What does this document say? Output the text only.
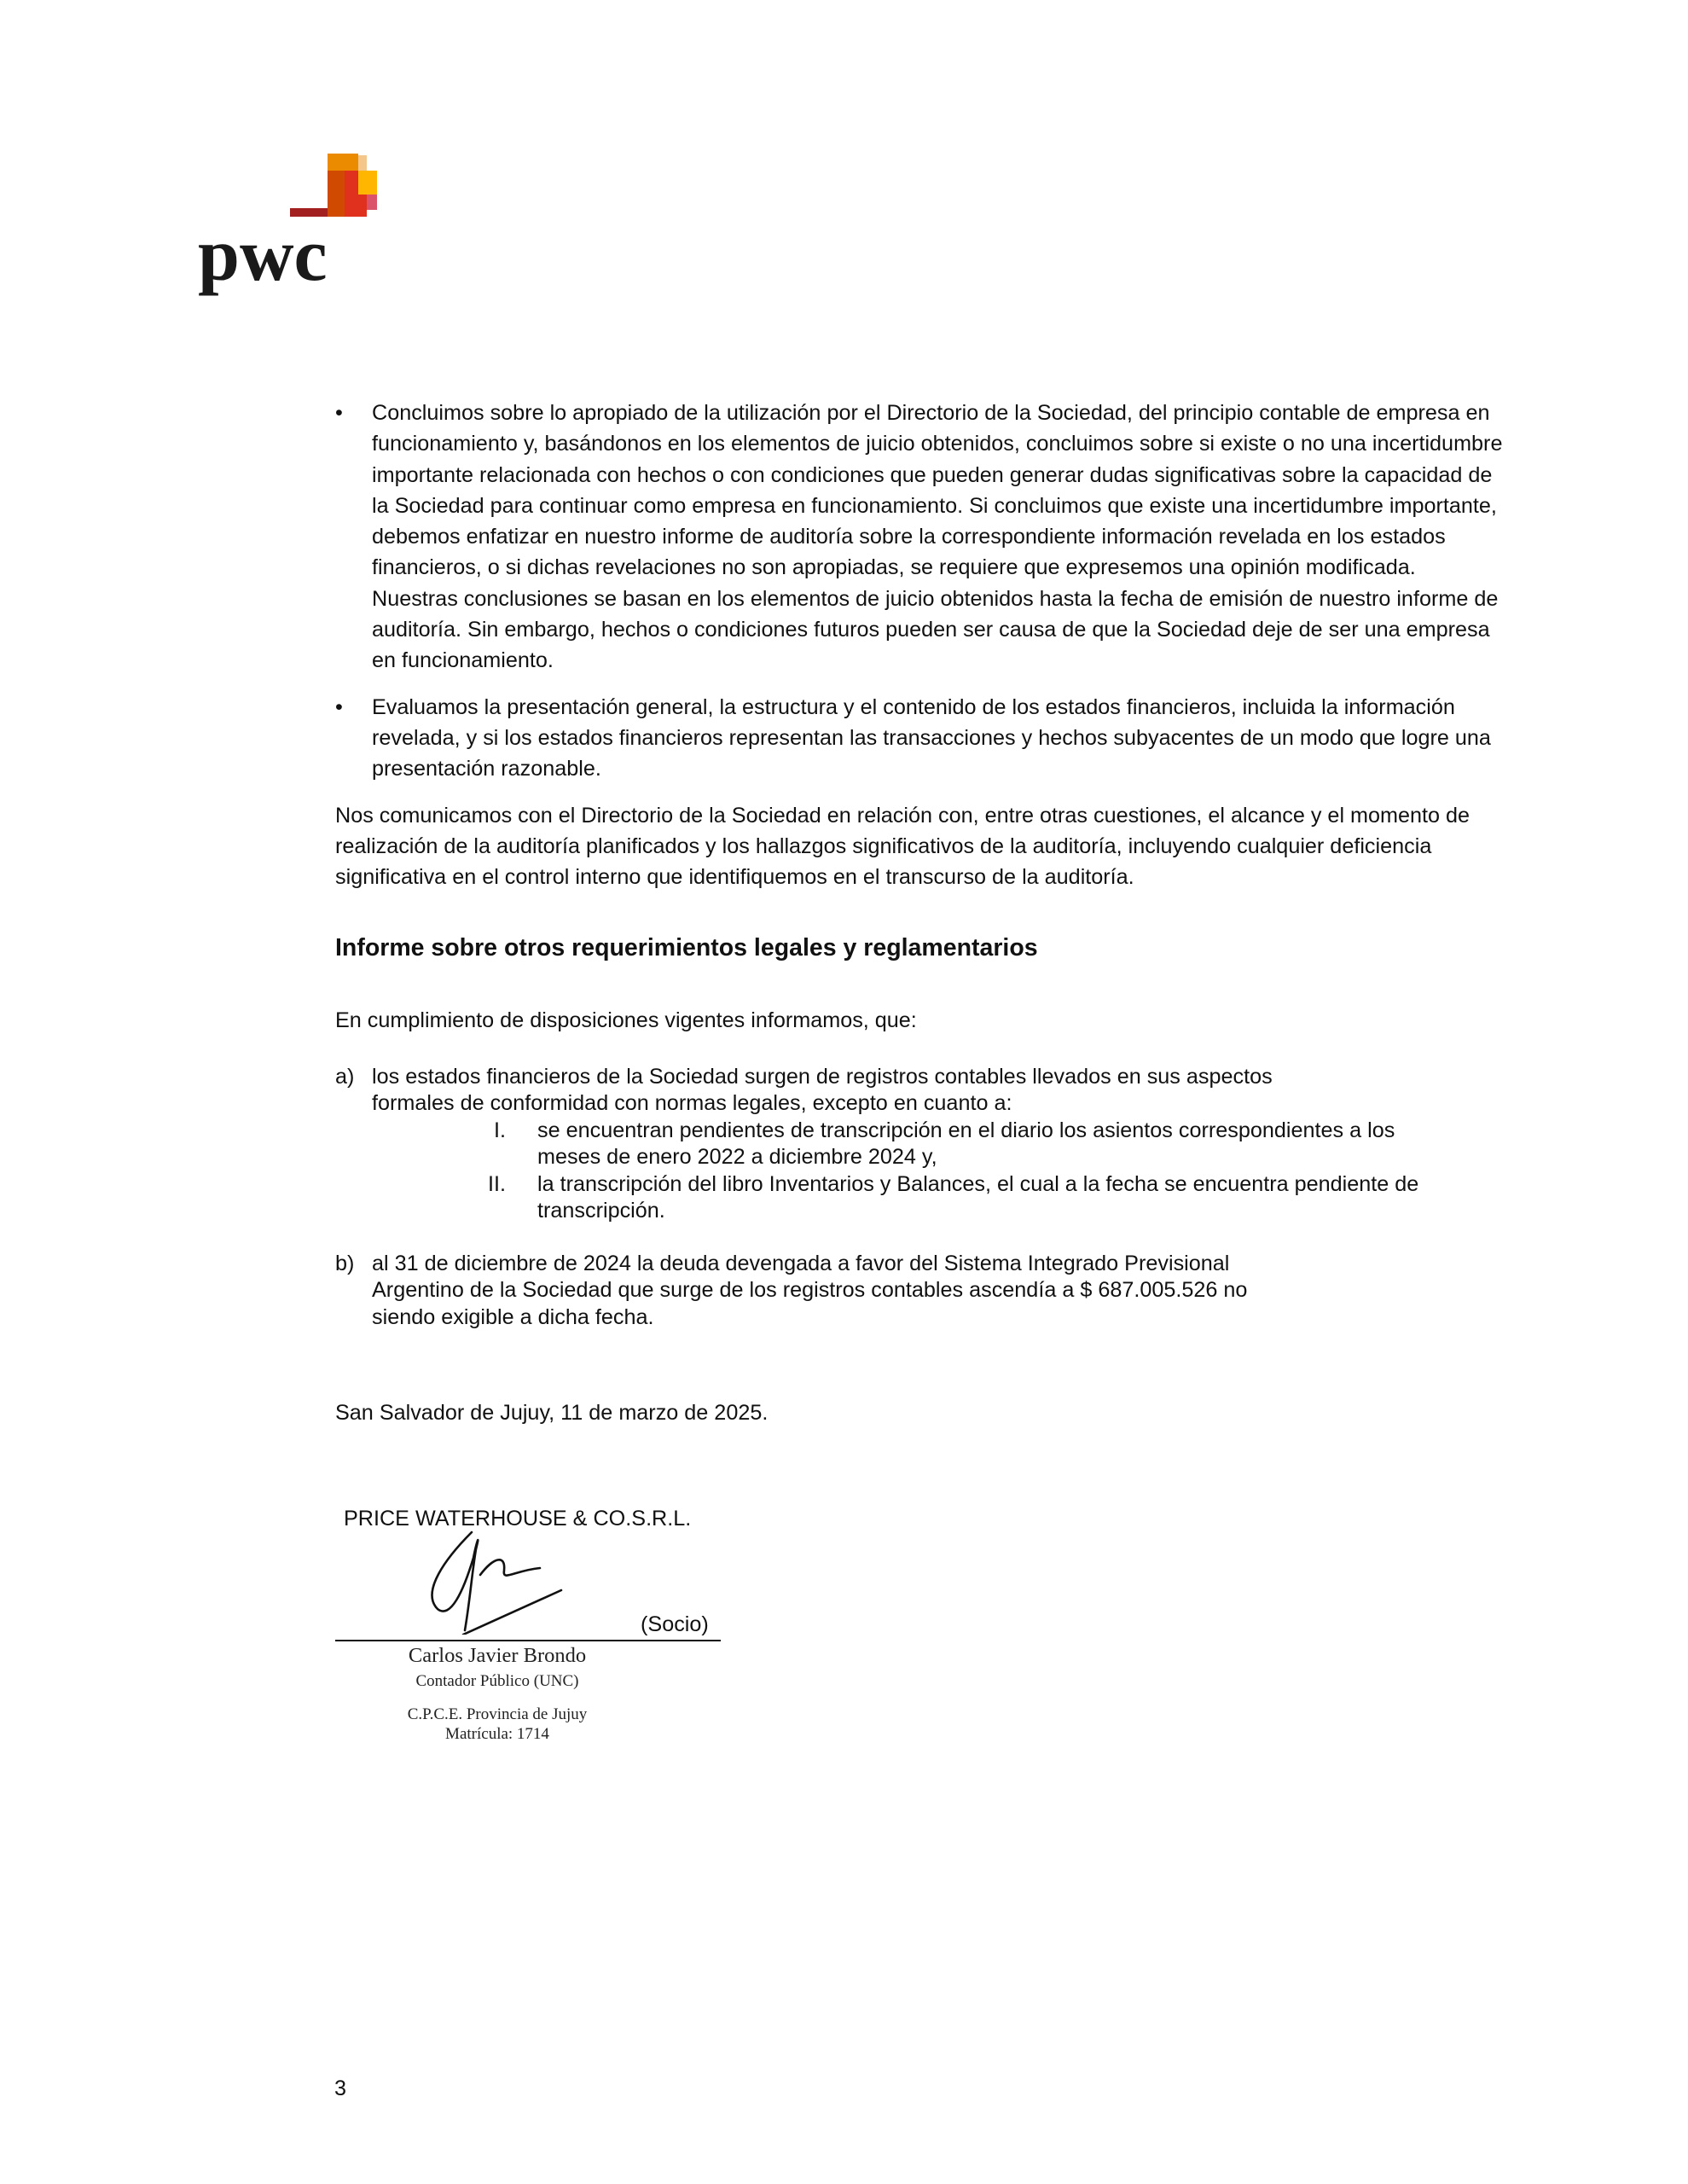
pwc
• Concluimos sobre lo apropiado de la utilización por el Directorio de la Sociedad, del principio contable de empresa en funcionamiento y, basándonos en los elementos de juicio obtenidos, concluimos sobre si existe o no una incertidumbre importante relacionada con hechos o con condiciones que pueden generar dudas significativas sobre la capacidad de la Sociedad para continuar como empresa en funcionamiento. Si concluimos que existe una incertidumbre importante, debemos enfatizar en nuestro informe de auditoría sobre la correspondiente información revelada en los estados financieros, o si dichas revelaciones no son apropiadas, se requiere que expresemos una opinión modificada. Nuestras conclusiones se basan en los elementos de juicio obtenidos hasta la fecha de emisión de nuestro informe de auditoría. Sin embargo, hechos o condiciones futuros pueden ser causa de que la Sociedad deje de ser una empresa en funcionamiento.
• Evaluamos la presentación general, la estructura y el contenido de los estados financieros, incluida la información revelada, y si los estados financieros representan las transacciones y hechos subyacentes de un modo que logre una presentación razonable.

Nos comunicamos con el Directorio de la Sociedad en relación con, entre otras cuestiones, el alcance y el momento de realización de la auditoría planificados y los hallazgos significativos de la auditoría, incluyendo cualquier deficiencia significativa en el control interno que identifiquemos en el transcurso de la auditoría.

Informe sobre otros requerimientos legales y reglamentarios

En cumplimiento de disposiciones vigentes informamos, que:

a) los estados financieros de la Sociedad surgen de registros contables llevados en sus aspectos
formales de conformidad con normas legales, excepto en cuanto a:
I.	se encuentran pendientes de transcripción en el diario los asientos correspondientes a los
meses de enero 2022 a diciembre 2024 y,
II.	la transcripción del libro Inventarios y Balances, el cual a la fecha se encuentra pendiente de
transcripción.
b) al 31 de diciembre de 2024 la deuda devengada a favor del Sistema Integrado Previsional
Argentino de la Sociedad que surge de los registros contables ascendía a $ 687.005.526 no
siendo exigible a dicha fecha.

San Salvador de Jujuy, 11 de marzo de 2025.

PRICE WATERHOUSE & CO.S.R.L.
(Socio)
Carlos Javier Brondo
Contador Público (UNC)
C.P.C.E. Provincia de Jujuy
Matrícula: 1714
3
